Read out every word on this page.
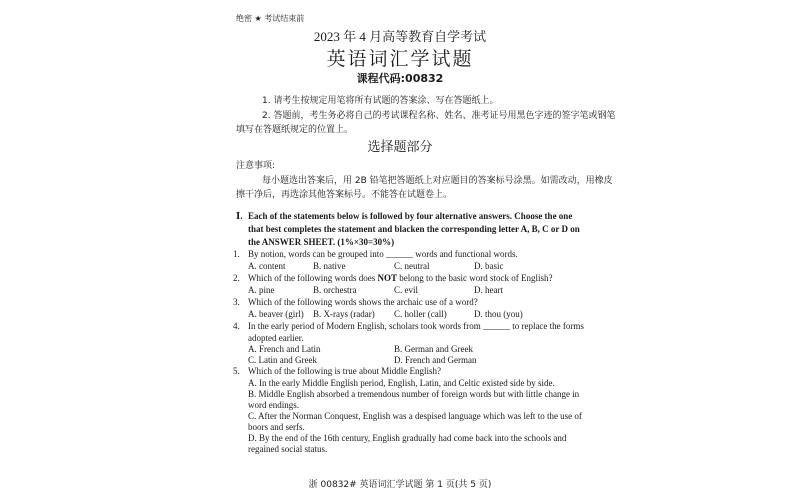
绝密 ★ 考试结束前
2023 年 4 月高等教育自学考试
英语词汇学试题
课程代码:00832
1. 请考生按规定用笔将所有试题的答案涂、写在答题纸上。
2. 答题前，考生务必将自己的考试课程名称、姓名、准考证号用黑色字迹的签字笔或钢笔
填写在答题纸规定的位置上。
选择题部分
注意事项:
每小题选出答案后，用 2B 铅笔把答题纸上对应题目的答案标号涂黑。如需改动，用橡皮
擦干净后，再选涂其他答案标号。不能答在试题卷上。
Ⅰ. Each of the statements below is followed by four alternative answers. Choose the one
that best completes the statement and blacken the corresponding letter A, B, C or D on
the ANSWER SHEET. (1%×30=30%)
1. By notion, words can be grouped into ______ words and functional words.
A. content	B. native	C. neutral	D. basic
2. Which of the following words does NOT belong to the basic word stock of English?
A. pine	B. orchestra	C. evil	D. heart
3. Which of the following words shows the archaic use of a word?
A. beaver (girl) B. X-rays (radar) C. holler (call)	D. thou (you)
4. In the early period of Modern English, scholars took words from ______ to replace the forms
adopted earlier.
A. French and Latin	B. German and Greek
C. Latin and Greek	D. French and German
5. Which of the following is true about Middle English?
A. In the early Middle English period, English, Latin, and Celtic existed side by side.
B. Middle English absorbed a tremendous number of foreign words but with little change in
word endings.
C. After the Norman Conquest, English was a despised language which was left to the use of
boors and serfs.
D. By the end of the 16th century, English gradually had come back into the schools and
regained social status.
浙 00832# 英语词汇学试题 第 1 页(共 5 页)
